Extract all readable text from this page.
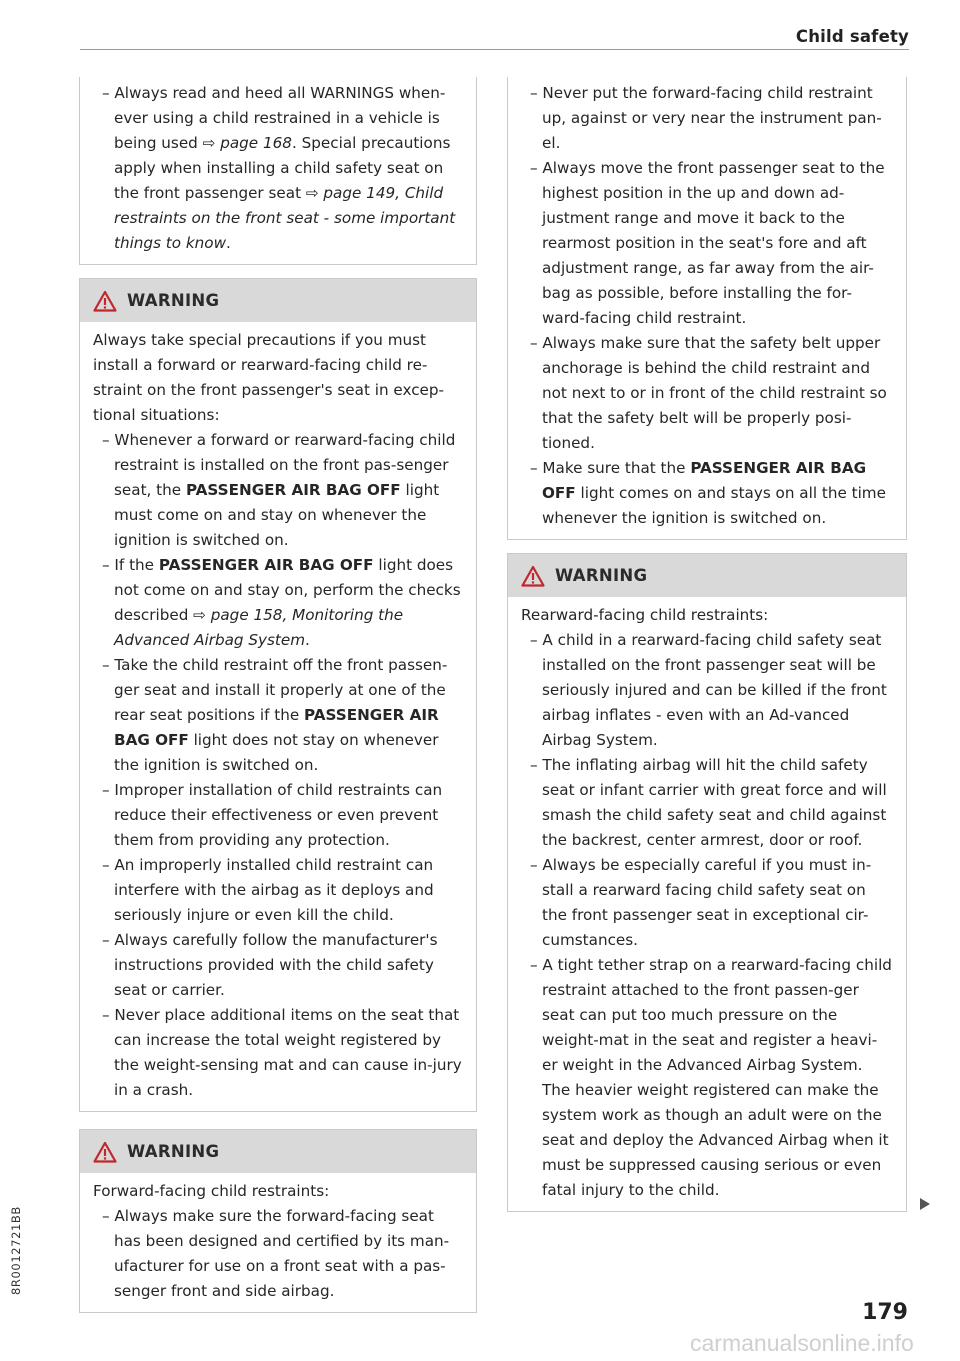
Child safety

– Always read and heed all WARNINGS when-ever using a child restrained in a vehicle is being used ⇨ page 168. Special precautions apply when installing a child safety seat on the front passenger seat ⇨ page 149, Child restraints on the front seat - some important things to know.

WARNING

Always take special precautions if you must install a forward or rearward-facing child re-straint on the front passenger's seat in excep-tional situations:

– Whenever a forward or rearward-facing child restraint is installed on the front pas-senger seat, the PASSENGER AIR BAG OFF light must come on and stay on whenever the ignition is switched on.

– If the PASSENGER AIR BAG OFF light does not come on and stay on, perform the checks described ⇨ page 158, Monitoring the Advanced Airbag System.

– Take the child restraint off the front passen-ger seat and install it properly at one of the rear seat positions if the PASSENGER AIR BAG OFF light does not stay on whenever the ignition is switched on.

– Improper installation of child restraints can reduce their effectiveness or even prevent them from providing any protection.

– An improperly installed child restraint can interfere with the airbag as it deploys and seriously injure or even kill the child.

– Always carefully follow the manufacturer's instructions provided with the child safety seat or carrier.

– Never place additional items on the seat that can increase the total weight registered by the weight-sensing mat and can cause in-jury in a crash.

WARNING

Forward-facing child restraints:

– Always make sure the forward-facing seat has been designed and certified by its man-ufacturer for use on a front seat with a pas-senger front and side airbag.

– Never put the forward-facing child restraint up, against or very near the instrument pan-el.

– Always move the front passenger seat to the highest position in the up and down ad-justment range and move it back to the rearmost position in the seat's fore and aft adjustment range, as far away from the air-bag as possible, before installing the for-ward-facing child restraint.

– Always make sure that the safety belt upper anchorage is behind the child restraint and not next to or in front of the child restraint so that the safety belt will be properly posi-tioned.

– Make sure that the PASSENGER AIR BAG OFF light comes on and stays on all the time whenever the ignition is switched on.

WARNING

Rearward-facing child restraints:

– A child in a rearward-facing child safety seat installed on the front passenger seat will be seriously injured and can be killed if the front airbag inflates - even with an Ad-vanced Airbag System.

– The inflating airbag will hit the child safety seat or infant carrier with great force and will smash the child safety seat and child against the backrest, center armrest, door or roof.

– Always be especially careful if you must in-stall a rearward facing child safety seat on the front passenger seat in exceptional cir-cumstances.

– A tight tether strap on a rearward-facing child restraint attached to the front passen-ger seat can put too much pressure on the weight-mat in the seat and register a heavi-er weight in the Advanced Airbag System. The heavier weight registered can make the system work as though an adult were on the seat and deploy the Advanced Airbag when it must be suppressed causing serious or even fatal injury to the child.

179
8R0012721BB
carmanualsonline.info
